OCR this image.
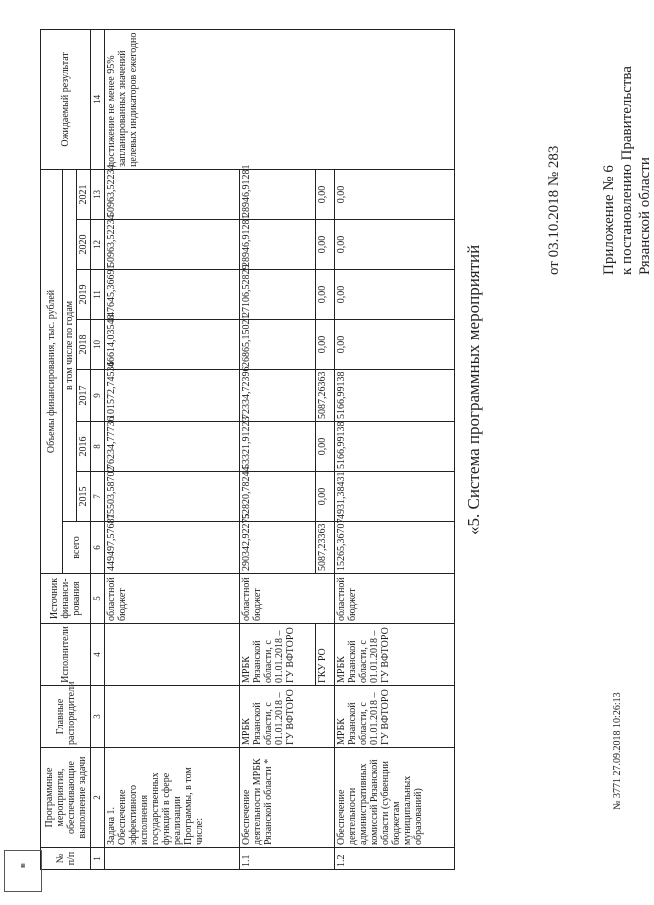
Приложение № 6 к постановлению Правительства Рязанской области
от 03.10.2018 № 283
«5. Система программных мероприятий
№ п/п	Программные мероприятия, обеспечивающие выполнение задачи	Главные распорядители	Исполнители	Источник финанси-рования	Объемы финансирования, тыс. рублей								Ожидаемый результат
					всего	в том числе по годам							
						2015	2016	2017	2018	2019	2020	2021	
1	2	3	4	5	6	7	8	9	10	11	12	13	14
	Задача 1. Обеспечение эффективного исполнения государственных функций в сфере реализации Программы, в том числе:			областной бюджет	449497,57681	75503,58702	76234,77736	101572,74536	46614,03548	47645,36691	50963,52234	50963,52234	достижение не менее 95% запланированных значений целевых индикаторов ежегодно
1.1	Обеспечение деятельности МРБК Рязанской области *	МРБК Рязанской области, с 01.01.2018 – ГУ ВФТОРО	МРБК Рязанской области, с 01.01.2018 – ГУ ВФТОРО	областной бюджет	290342,92275	52820,78244	53321,91223	72334,72396	26865,15021	27106,52829	28946,91281	28946,91281	
			ГКУ РО		5087,23363	0,00	0,00	5087,26363	0,00	0,00	0,00	0,00	
1.2	Обеспечение деятельности административных комиссий Рязанской области (субвенции бюджетам муниципальных образований)	МРБК Рязанской области, с 01.01.2018 – ГУ ВФТОРО	МРБК Рязанской области, с 01.01.2018 – ГУ ВФТОРО	областной бюджет	15265,36707	4931,38431	5166,99138	5166,99138	0,00	0,00	0,00	0,00	
№ 3771 27.09.2018 10:26:13
▦
